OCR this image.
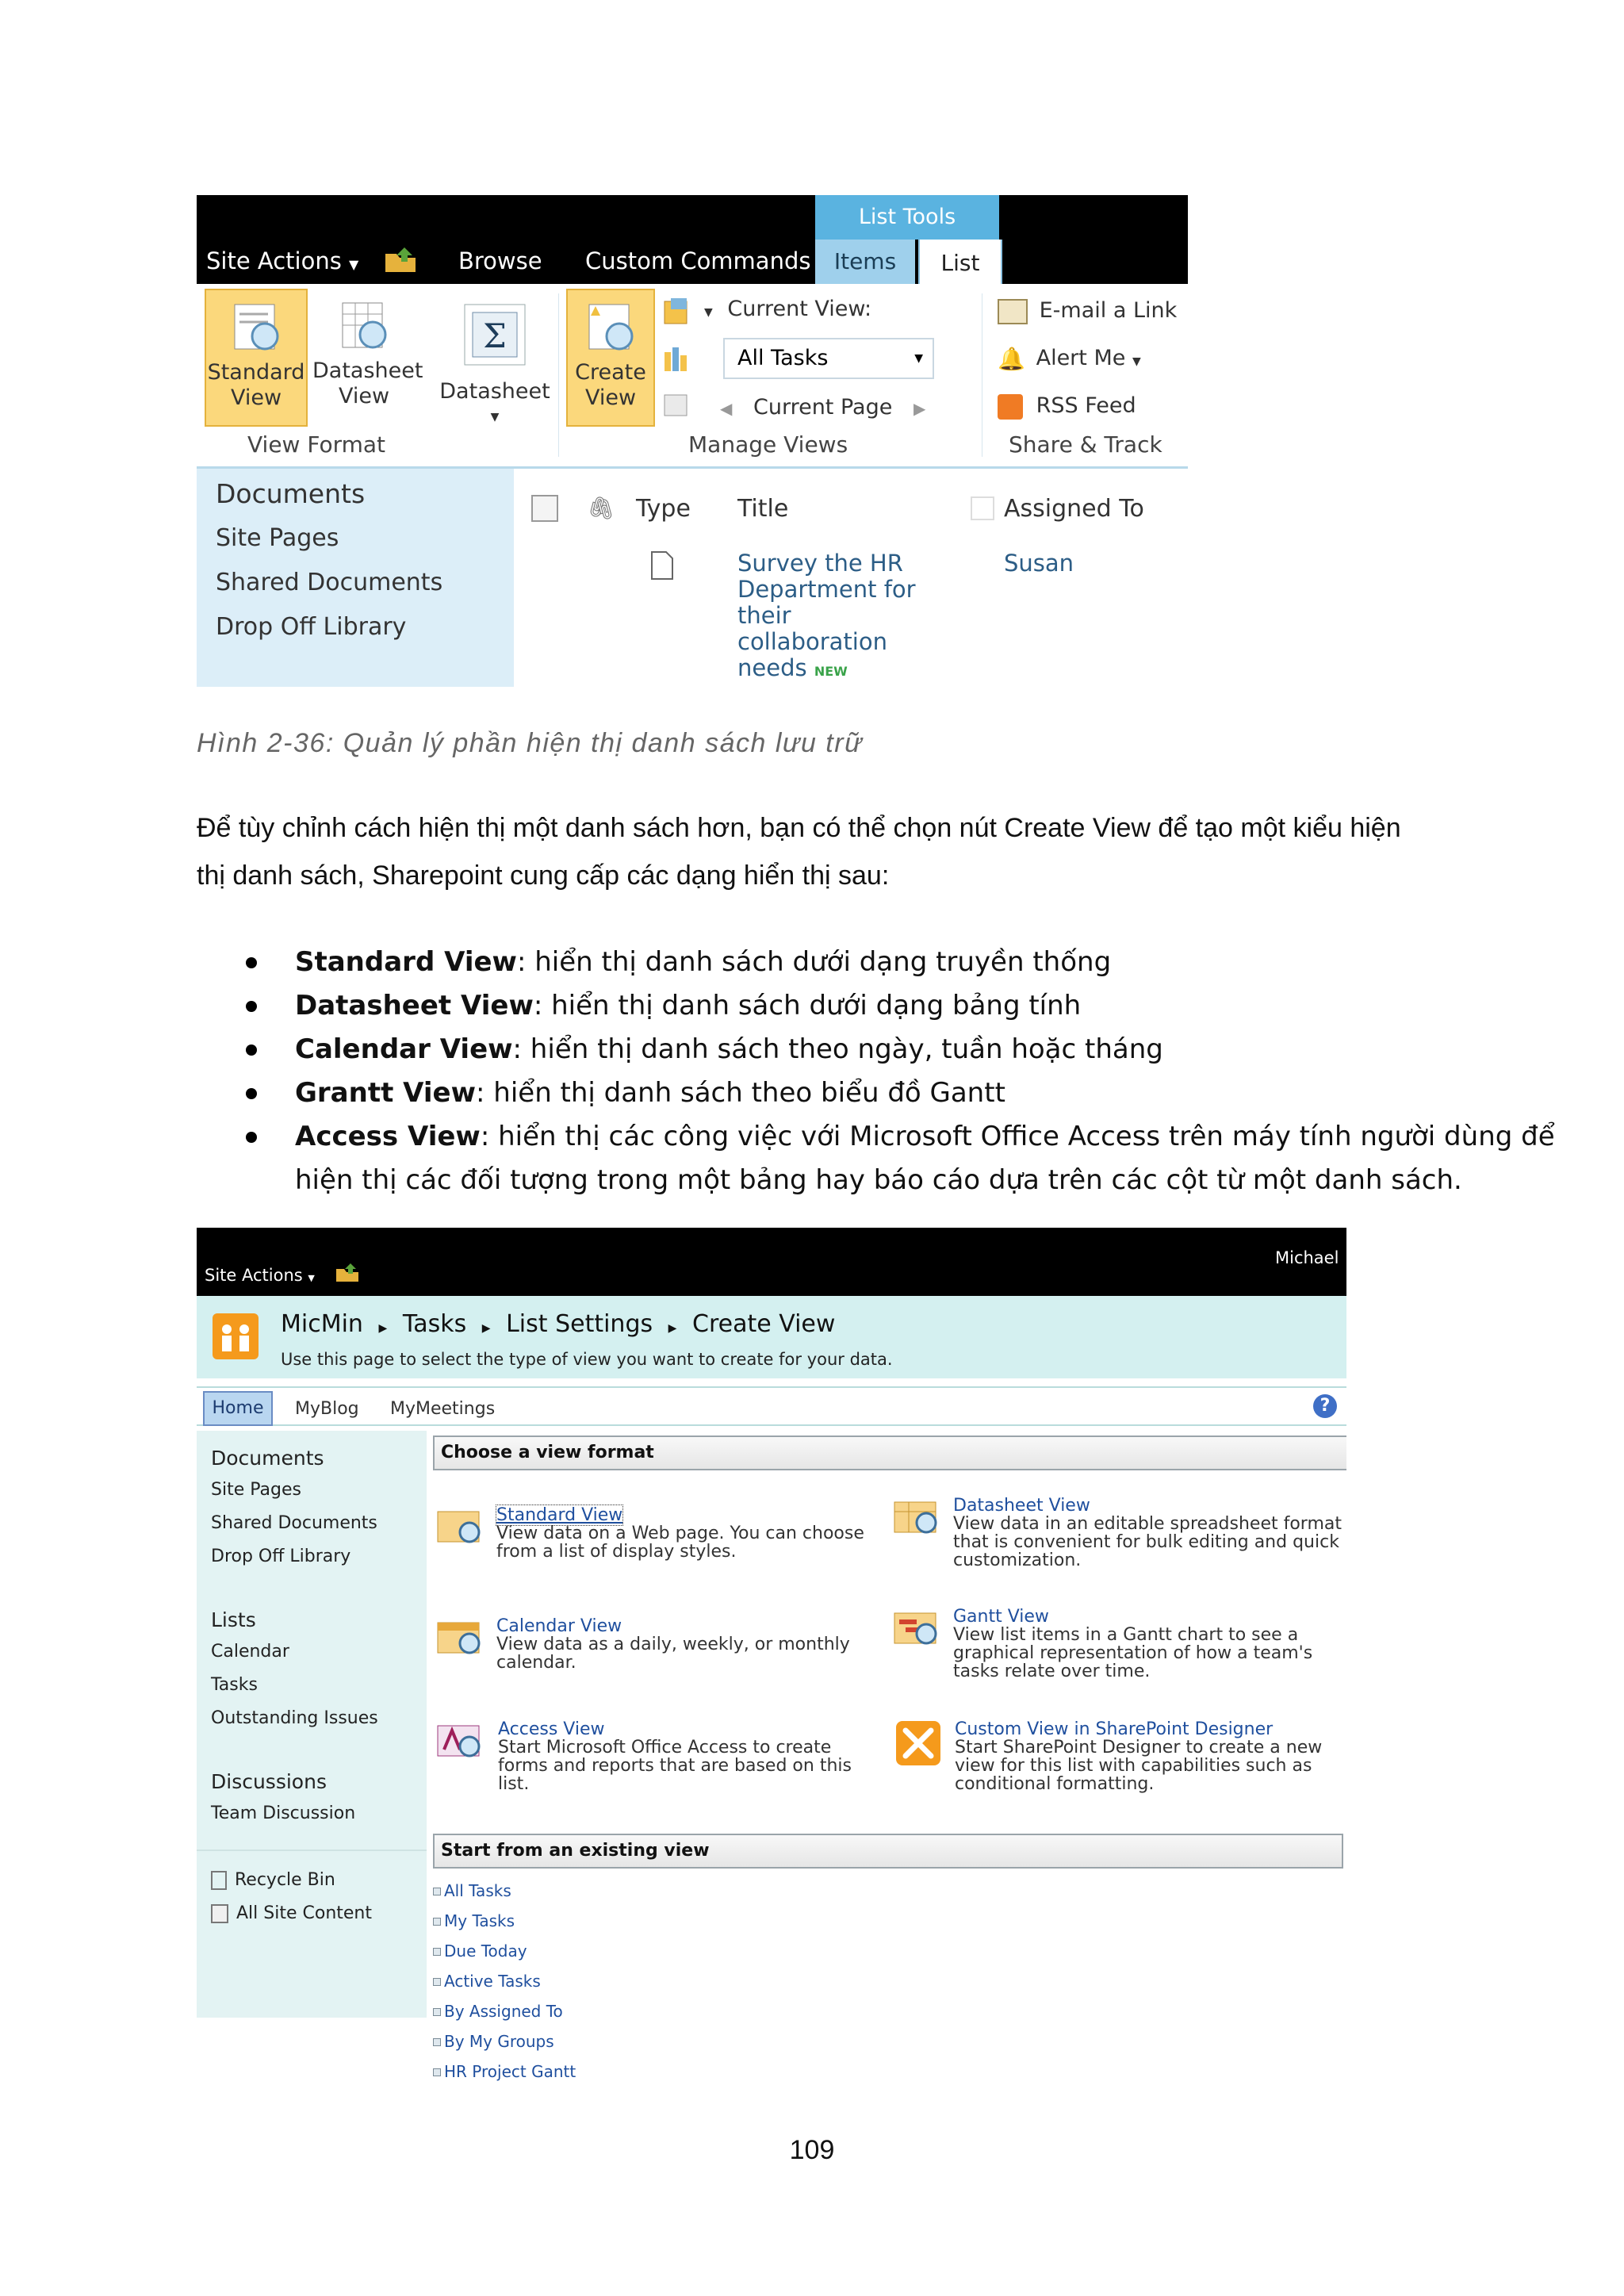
Site Actions ▼	Browse Custom Commands
List Tools
Items	List
Standard
View
Datasheet
View
Σ
Datasheet
▼
View Format
Create
View
▼ Current View:
All Tasks	▼
◀ Current Page ▶
Manage Views
E-mail a Link
🔔 Alert Me ▼
RSS Feed
Share & Track
Documents
Site Pages
Shared Documents
Drop Off Library
🖇 Type Title	Assigned To
Survey the HR
Department for
their
collaboration
needs NEW
Susan
Hình 2-36: Quản lý phần hiện thị danh sách lưu trữ
Để tùy chỉnh cách hiện thị một danh sách hơn, bạn có thể chọn nút Create View để tạo một kiểu hiện
thị danh sách, Sharepoint cung cấp các dạng hiển thị sau:
Standard View: hiển thị danh sách dưới dạng truyền thống
Datasheet View: hiển thị danh sách dưới dạng bảng tính
Calendar View: hiển thị danh sách theo ngày, tuần hoặc tháng
Grantt View: hiển thị danh sách theo biểu đồ Gantt
Access View: hiển thị các công việc với Microsoft Office Access trên máy tính người dùng để
hiện thị các đối tượng trong một bảng hay báo cáo dựa trên các cột từ một danh sách.
Site Actions ▼
Michael
MicMin ▶ Tasks ▶ List Settings ▶ Create View
Use this page to select the type of view you want to create for your data.
Home	MyBlog MyMeetings	?
Documents
Site Pages
Shared Documents
Drop Off Library
Lists
Calendar
Tasks
Outstanding Issues
Discussions
Team Discussion
Recycle Bin
All Site Content
Choose a view format
Standard View
View data on a Web page. You can choose
from a list of display styles.
Datasheet View
View data in an editable spreadsheet format
that is convenient for bulk editing and quick
customization.
Calendar View
View data as a daily, weekly, or monthly
calendar.
Gantt View
View list items in a Gantt chart to see a
graphical representation of how a team's
tasks relate over time.
Access View
Start Microsoft Office Access to create
forms and reports that are based on this
list.
Custom View in SharePoint Designer
Start SharePoint Designer to create a new
view for this list with capabilities such as
conditional formatting.
Start from an existing view
All Tasks
My Tasks
Due Today
Active Tasks
By Assigned To
By My Groups
HR Project Gantt
109
